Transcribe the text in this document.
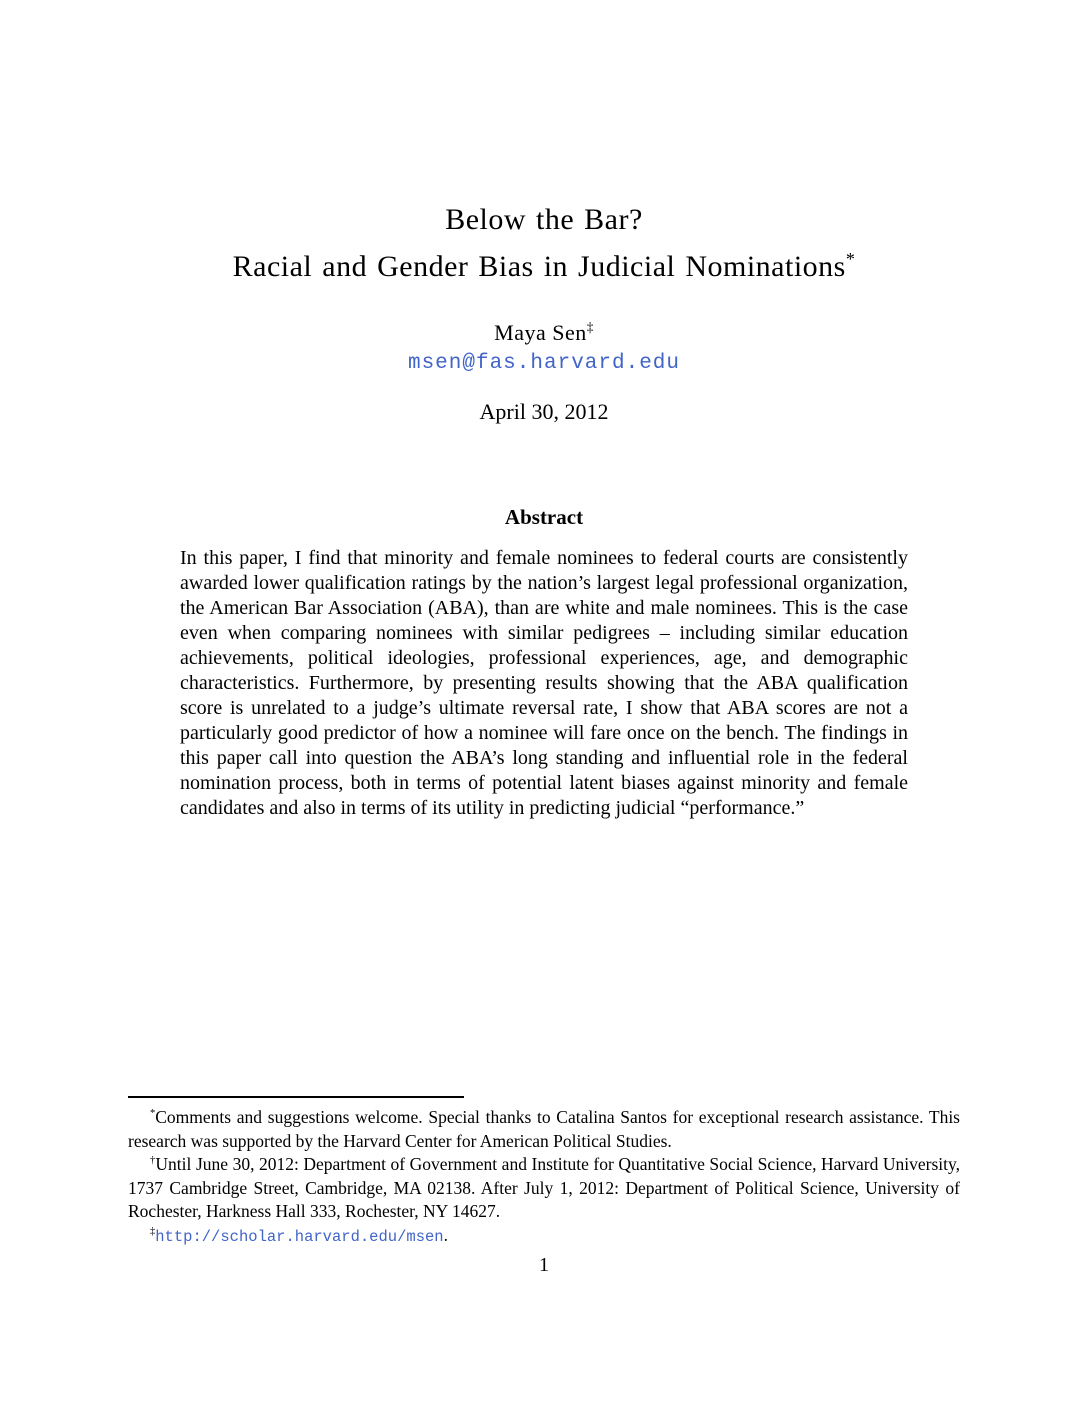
Below the Bar?
Racial and Gender Bias in Judicial Nominations*
Maya Sen‡
msen@fas.harvard.edu
April 30, 2012
Abstract

In this paper, I find that minority and female nominees to federal courts are consistently awarded lower qualification ratings by the nation’s largest legal professional organization, the American Bar Association (ABA), than are white and male nominees. This is the case even when comparing nominees with similar pedigrees – including similar education achievements, political ideologies, professional experiences, age, and demographic characteristics. Furthermore, by presenting results showing that the ABA qualification score is unrelated to a judge’s ultimate reversal rate, I show that ABA scores are not a particularly good predictor of how a nominee will fare once on the bench. The findings in this paper call into question the ABA’s long standing and influential role in the federal nomination process, both in terms of potential latent biases against minority and female candidates and also in terms of its utility in predicting judicial “performance.”

*Comments and suggestions welcome. Special thanks to Catalina Santos for exceptional research assistance. This research was supported by the Harvard Center for American Political Studies.

†Until June 30, 2012: Department of Government and Institute for Quantitative Social Science, Harvard University, 1737 Cambridge Street, Cambridge, MA 02138. After July 1, 2012: Department of Political Science, University of Rochester, Harkness Hall 333, Rochester, NY 14627.

‡http://scholar.harvard.edu/msen.

1
